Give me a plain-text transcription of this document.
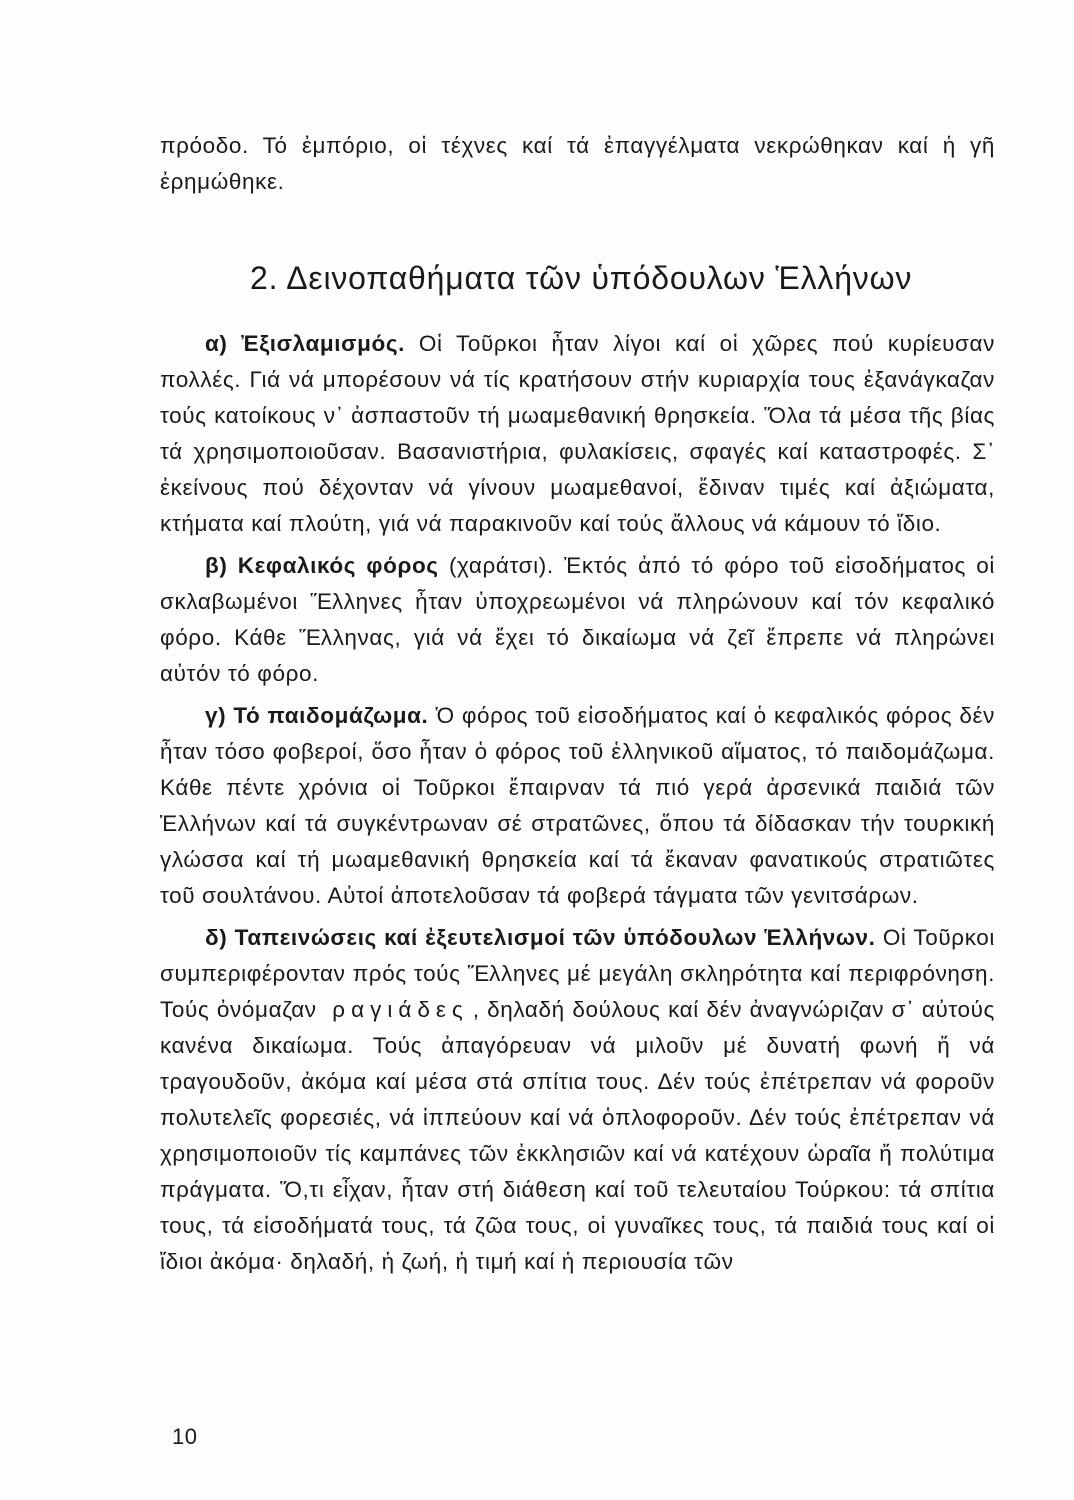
πρόοδο. Τό ἐμπόριο, οἱ τέχνες καί τά ἐπαγγέλματα νεκρώθηκαν καί ἡ γῆ ἐρημώθηκε.

2. Δεινοπαθήματα τῶν ὑπόδουλων Ἑλλήνων

α) Ἐξισλαμισμός. Οἱ Τοῦρκοι ἦταν λίγοι καί οἱ χῶρες πού κυρίευσαν πολλές. Γιά νά μπορέσουν νά τίς κρατήσουν στήν κυριαρχία τους ἐξανάγκαζαν τούς κατοίκους ν᾽ ἀσπαστοῦν τή μωαμεθανική θρησκεία. Ὅλα τά μέσα τῆς βίας τά χρησιμοποιοῦσαν. Βασανιστήρια, φυλακίσεις, σφαγές καί καταστροφές. Σ᾽ ἐκείνους πού δέχονταν νά γίνουν μωαμεθανοί, ἔδιναν τιμές καί ἀξιώματα, κτήματα καί πλούτη, γιά νά παρακινοῦν καί τούς ἄλλους νά κάμουν τό ἴδιο.

β) Κεφαλικός φόρος (χαράτσι). Ἐκτός ἀπό τό φόρο τοῦ εἰσοδήματος οἱ σκλαβωμένοι Ἕλληνες ἦταν ὑποχρεωμένοι νά πληρώνουν καί τόν κεφαλικό φόρο. Κάθε Ἕλληνας, γιά νά ἔχει τό δικαίωμα νά ζεῖ ἔπρεπε νά πληρώνει αὐτόν τό φόρο.

γ) Τό παιδομάζωμα. Ὁ φόρος τοῦ εἰσοδήματος καί ὁ κεφαλικός φόρος δέν ἦταν τόσο φοβεροί, ὅσο ἦταν ὁ φόρος τοῦ ἑλληνικοῦ αἵματος, τό παιδομάζωμα. Κάθε πέντε χρόνια οἱ Τοῦρκοι ἔπαιρναν τά πιό γερά ἀρσενικά παιδιά τῶν Ἑλλήνων καί τά συγκέντρωναν σέ στρατῶνες, ὅπου τά δίδασκαν τήν τουρκική γλώσσα καί τή μωαμεθανική θρησκεία καί τά ἔκαναν φανατικούς στρατιῶτες τοῦ σουλτάνου. Αὐτοί ἀποτελοῦσαν τά φοβερά τάγματα τῶν γενιτσάρων.

δ) Ταπεινώσεις καί ἐξευτελισμοί τῶν ὑπόδουλων Ἑλλήνων. Οἱ Τοῦρκοι συμπεριφέρονταν πρός τούς Ἕλληνες μέ μεγάλη σκληρότητα καί περιφρόνηση. Τούς ὀνόμαζαν ραγιάδες , δηλαδή δούλους καί δέν ἀναγνώριζαν σ᾽ αὐτούς κανένα δικαίωμα. Τούς ἀπαγόρευαν νά μιλοῦν μέ δυνατή φωνή ἤ νά τραγουδοῦν, ἀκόμα καί μέσα στά σπίτια τους. Δέν τούς ἐπέτρεπαν νά φοροῦν πολυτελεῖς φορεσιές, νά ἱππεύουν καί νά ὁπλοφοροῦν. Δέν τούς ἐπέτρεπαν νά χρησιμοποιοῦν τίς καμπάνες τῶν ἐκκλησιῶν καί νά κατέχουν ὡραῖα ἤ πολύτιμα πράγματα. Ὅ,τι εἶχαν, ἦταν στή διάθεση καί τοῦ τελευταίου Τούρκου: τά σπίτια τους, τά εἰσοδήματά τους, τά ζῶα τους, οἱ γυναῖκες τους, τά παιδιά τους καί οἱ ἴδιοι ἀκόμα· δηλαδή, ἡ ζωή, ἡ τιμή καί ἡ περιουσία τῶν

10
